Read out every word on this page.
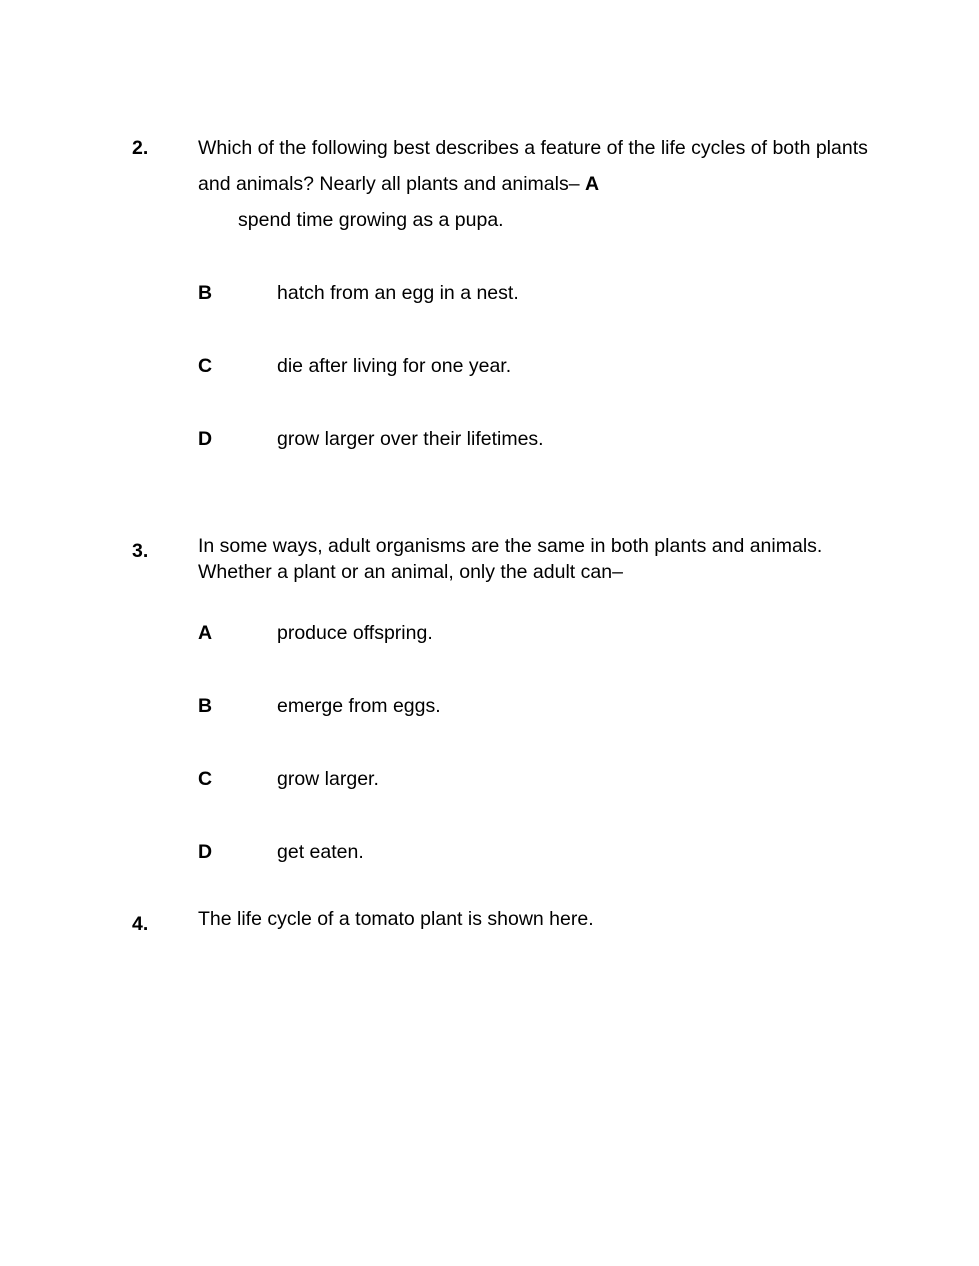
2.	Which of the following best describes a feature of the life cycles of both plants and animals? Nearly all plants and animals– A
spend time growing as a pupa.
B	hatch from an egg in a nest.
C	die after living for one year.
D	grow larger over their lifetimes.
3.	In some ways, adult organisms are the same in both plants and animals. Whether a plant or an animal, only the adult can–
A	produce offspring.
B	emerge from eggs.
C	grow larger.
D	get eaten.
4.	The life cycle of a tomato plant is shown here.
